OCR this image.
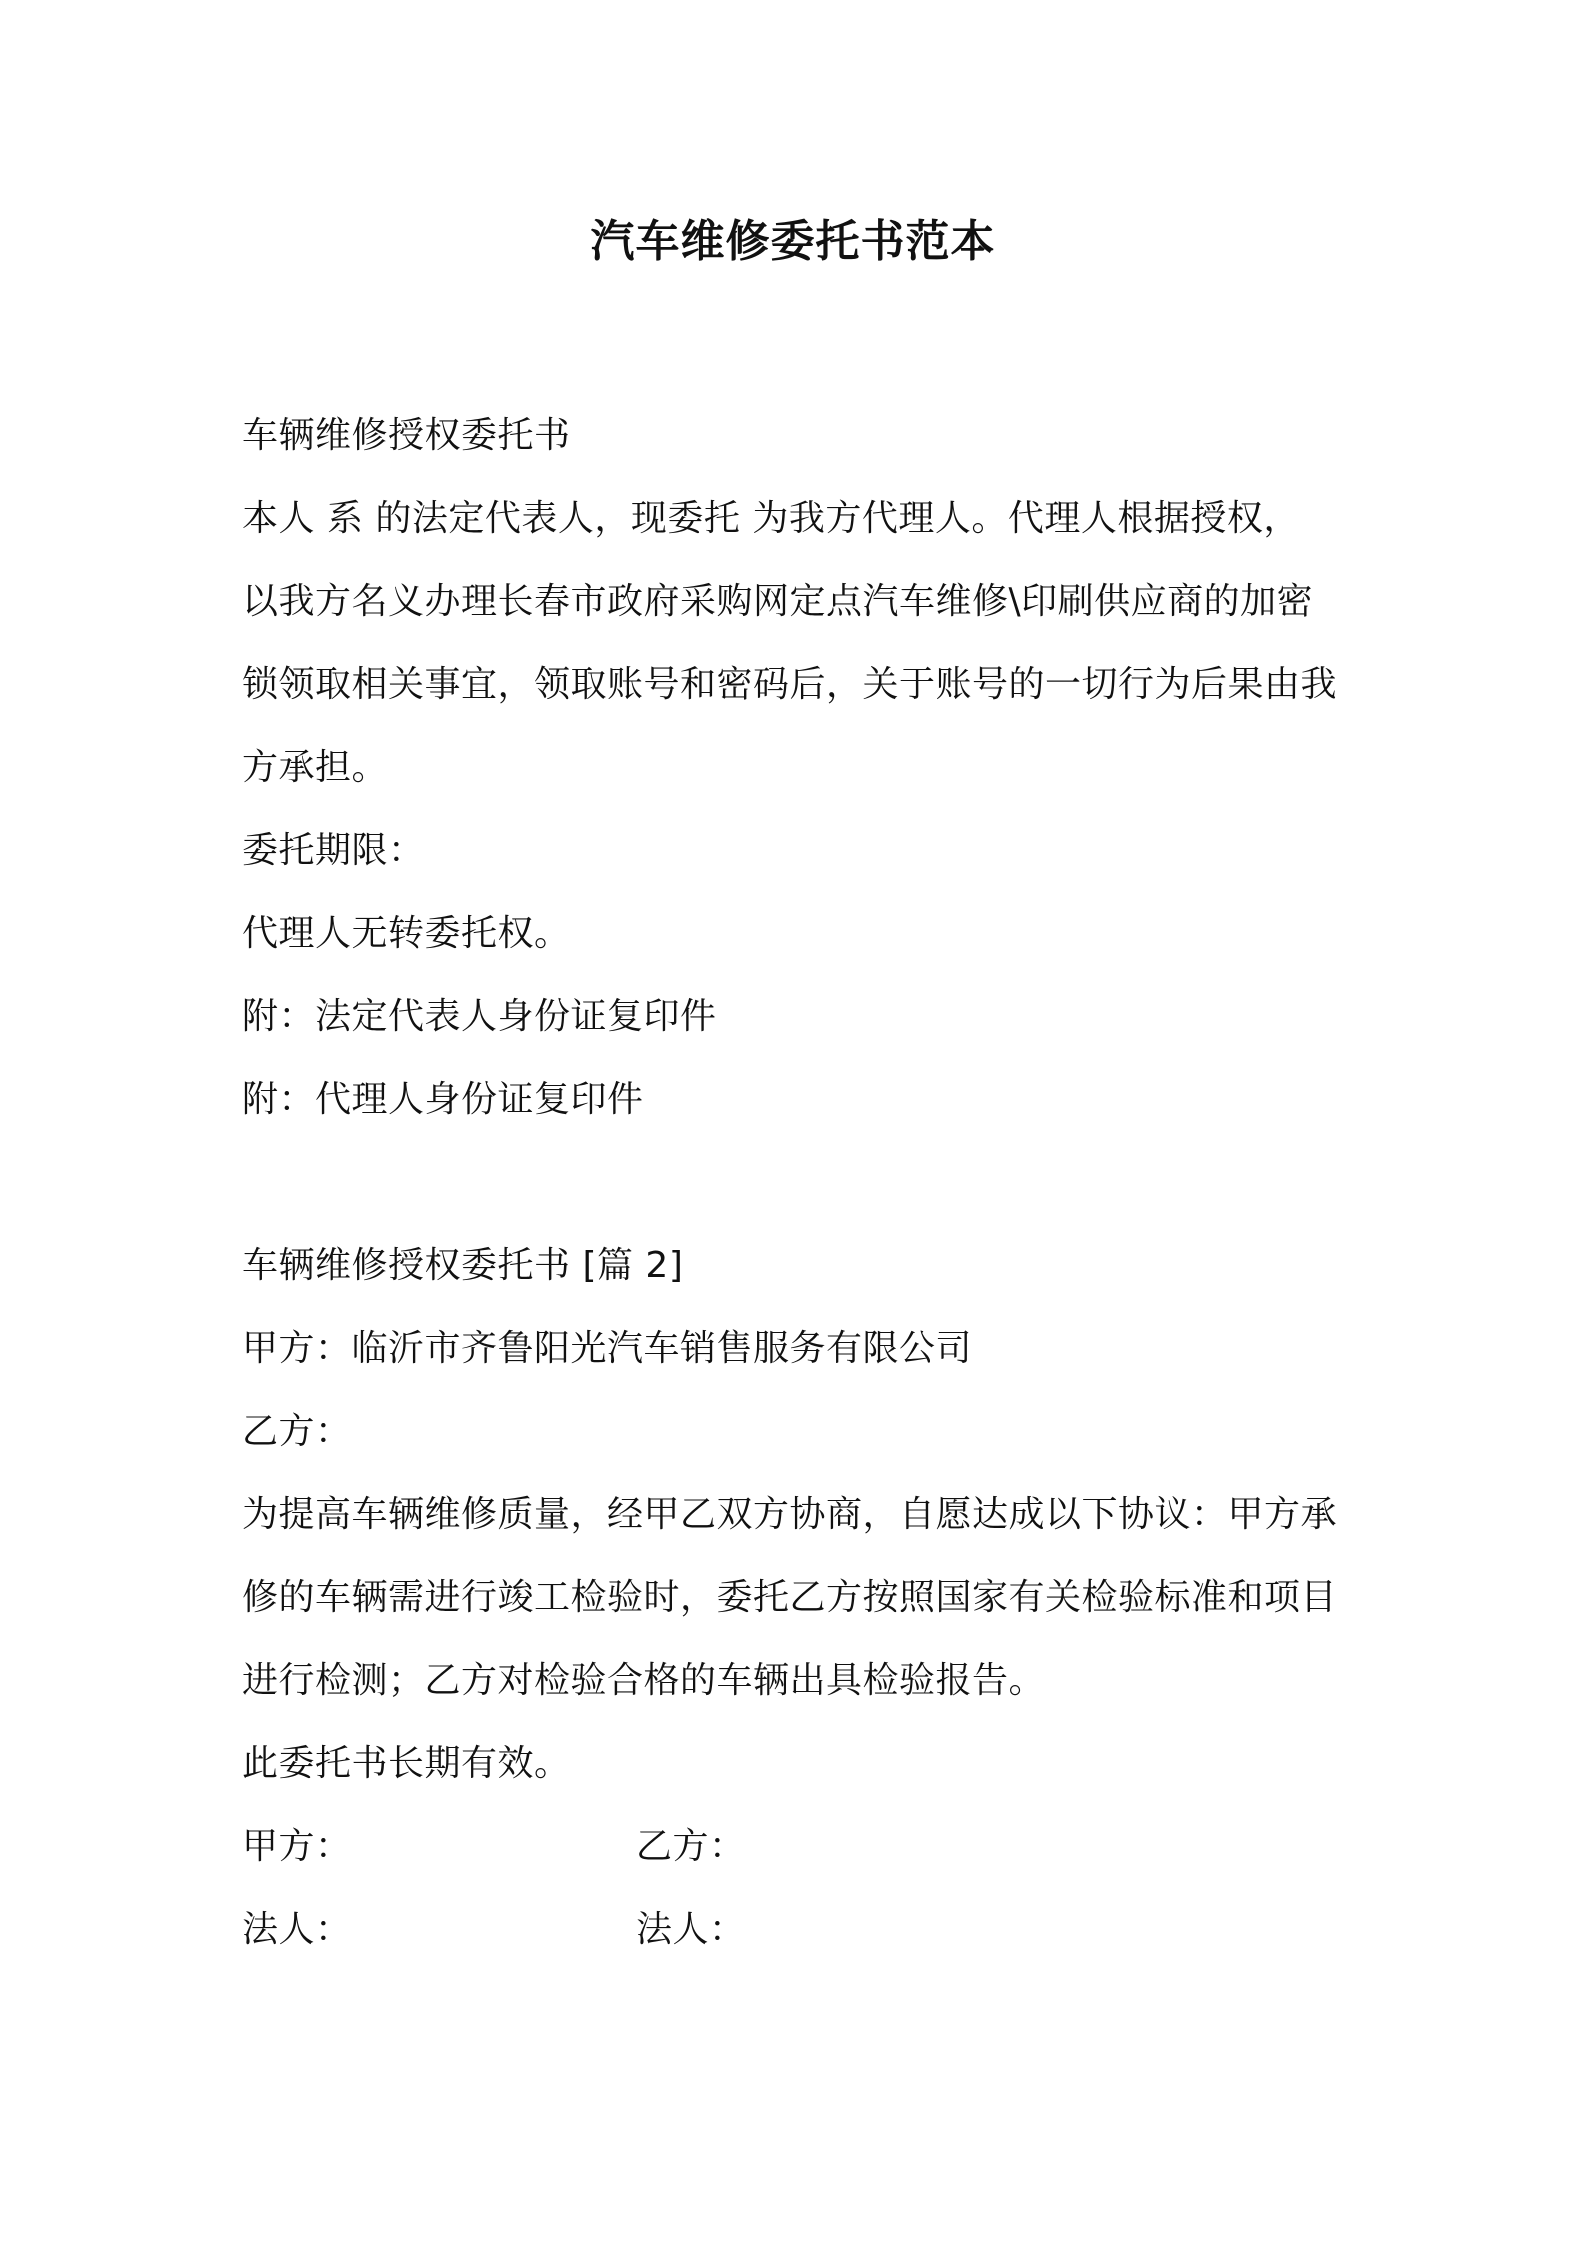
汽车维修委托书范本
车辆维修授权委托书
本人 系 的法定代表人，现委托 为我方代理人。代理人根据授权，
以我方名义办理长春市政府采购网定点汽车维修\印刷供应商的加密
锁领取相关事宜，领取账号和密码后，关于账号的一切行为后果由我
方承担。
委托期限：
代理人无转委托权。
附：法定代表人身份证复印件
附：代理人身份证复印件
车辆维修授权委托书 [篇 2]
甲方：临沂市齐鲁阳光汽车销售服务有限公司
乙方：
为提高车辆维修质量，经甲乙双方协商，自愿达成以下协议：甲方承
修的车辆需进行竣工检验时，委托乙方按照国家有关检验标准和项目
进行检测；乙方对检验合格的车辆出具检验报告。
此委托书长期有效。
甲方：	乙方：
法人：	法人：
